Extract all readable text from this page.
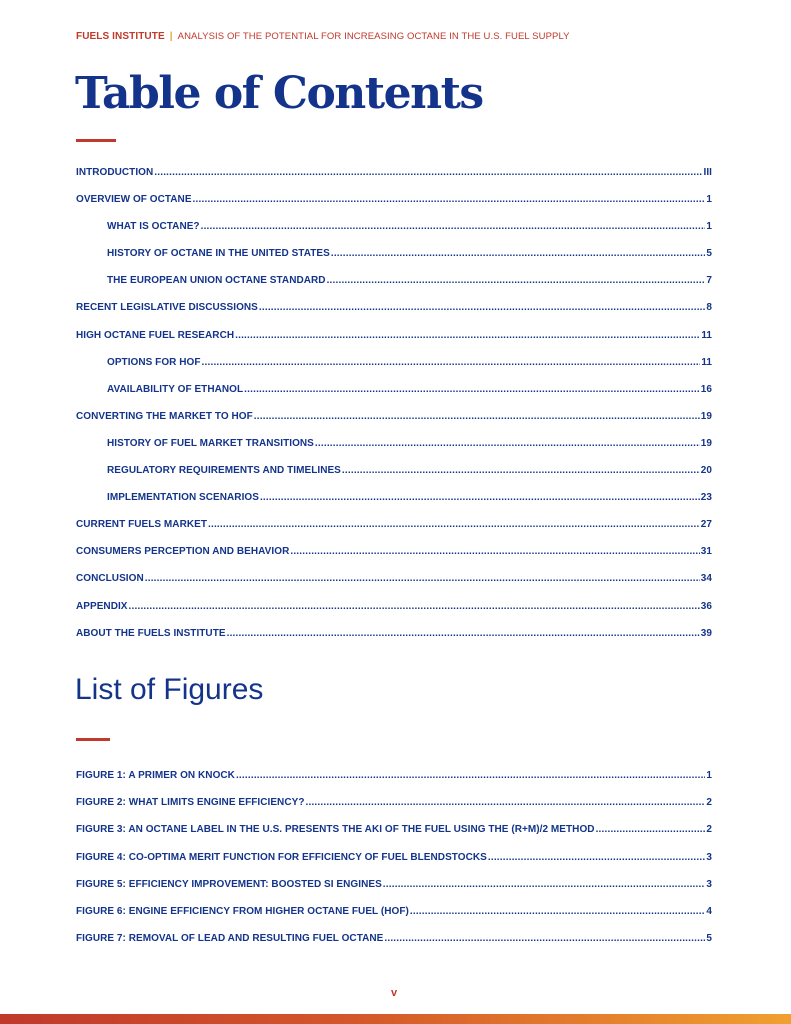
FUELS INSTITUTE | ANALYSIS OF THE POTENTIAL FOR INCREASING OCTANE IN THE U.S. FUEL SUPPLY
Table of Contents
INTRODUCTION .....	III
OVERVIEW OF OCTANE .....	1
WHAT IS OCTANE? .....	1
HISTORY OF OCTANE IN THE UNITED STATES .....	5
THE EUROPEAN UNION OCTANE STANDARD .....	7
RECENT LEGISLATIVE DISCUSSIONS .....	8
HIGH OCTANE FUEL RESEARCH .....	11
OPTIONS FOR HOF .....	11
AVAILABILITY OF ETHANOL .....	16
CONVERTING THE MARKET TO HOF .....	19
HISTORY OF FUEL MARKET TRANSITIONS .....	19
REGULATORY REQUIREMENTS AND TIMELINES .....	20
IMPLEMENTATION SCENARIOS .....	23
CURRENT FUELS MARKET .....	27
CONSUMERS PERCEPTION AND BEHAVIOR .....	31
CONCLUSION .....	34
APPENDIX .....	36
ABOUT THE FUELS INSTITUTE .....	39
List of Figures
FIGURE 1: A PRIMER ON KNOCK .....	1
FIGURE 2: WHAT LIMITS ENGINE EFFICIENCY? .....	2
FIGURE 3: AN OCTANE LABEL IN THE U.S. PRESENTS THE AKI OF THE FUEL USING THE (R+M)/2 METHOD .....	2
FIGURE 4: CO-OPTIMA MERIT FUNCTION FOR EFFICIENCY OF FUEL BLENDSTOCKS .....	3
FIGURE 5: EFFICIENCY IMPROVEMENT: BOOSTED SI ENGINES .....	3
FIGURE 6: ENGINE EFFICIENCY FROM HIGHER OCTANE FUEL (HOF) .....	4
FIGURE 7: REMOVAL OF LEAD AND RESULTING FUEL OCTANE .....	5
v
